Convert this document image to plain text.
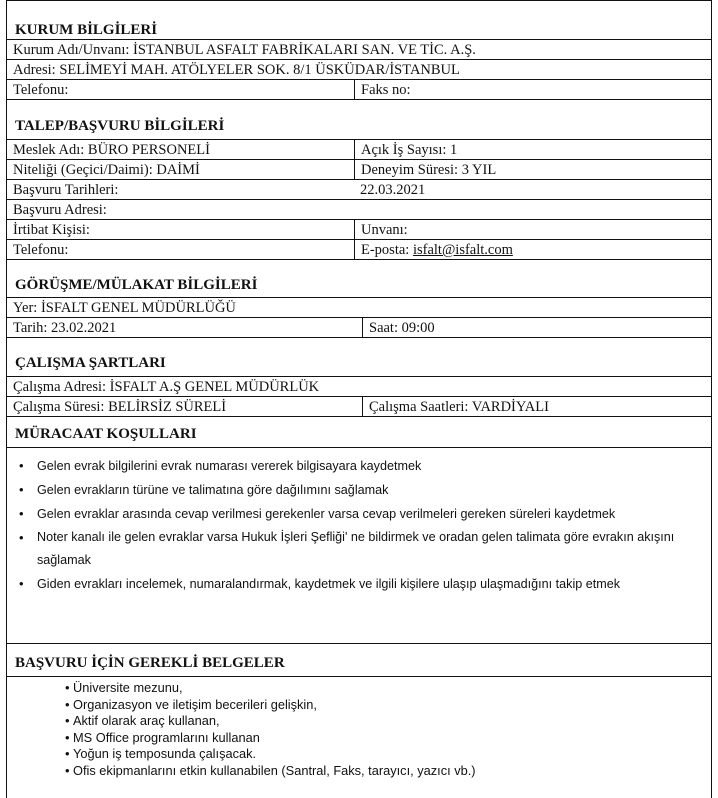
KURUM BİLGİLERİ
Kurum Adı/Unvanı: İSTANBUL ASFALT FABRİKALARI SAN. VE TİC. A.Ş.
Adresi: SELİMEYİ MAH. ATÖLYELER SOK. 8/1 ÜSKÜDAR/İSTANBUL
Telefonu:	Faks no:
TALEP/BAŞVURU BİLGİLERİ
Meslek Adı: BÜRO PERSONELİ	Açık İş Sayısı: 1
Niteliği (Geçici/Daimi): DAİMİ	Deneyim Süresi: 3 YIL
Başvuru Tarihleri:	22.03.2021
Başvuru Adresi:
İrtibat Kişisi:	Unvanı:
Telefonu:	E-posta: isfalt@isfalt.com
GÖRÜŞME/MÜLAKAT BİLGİLERİ
Yer: İSFALT GENEL MÜDÜRLÜĞÜ
Tarih: 23.02.2021	Saat: 09:00
ÇALIŞMA ŞARTLARI
Çalışma Adresi: İSFALT A.Ş GENEL MÜDÜRLÜK
Çalışma Süresi: BELİRSİZ SÜRELİ	Çalışma Saatleri: VARDİYALI
MÜRACAAT KOŞULLARI
• Gelen evrak bilgilerini evrak numarası vererek bilgisayara kaydetmek
• Gelen evrakların türüne ve talimatına göre dağılımını sağlamak
• Gelen evraklar arasında cevap verilmesi gerekenler varsa cevap verilmeleri gereken süreleri kaydetmek
• Noter kanalı ile gelen evraklar varsa Hukuk İşleri Şefliği' ne bildirmek ve oradan gelen talimata göre evrakın akışını sağlamak
• Giden evrakları incelemek, numaralandırmak, kaydetmek ve ilgili kişilere ulaşıp ulaşmadığını takip etmek
BAŞVURU İÇİN GEREKLİ BELGELER
• Üniversite mezunu,
• Organizasyon ve iletişim becerileri gelişkin,
• Aktif olarak araç kullanan,
• MS Office programlarını kullanan
• Yoğun iş temposunda çalışacak.
• Ofis ekipmanlarını etkin kullanabilen (Santral, Faks, tarayıcı, yazıcı vb.)
